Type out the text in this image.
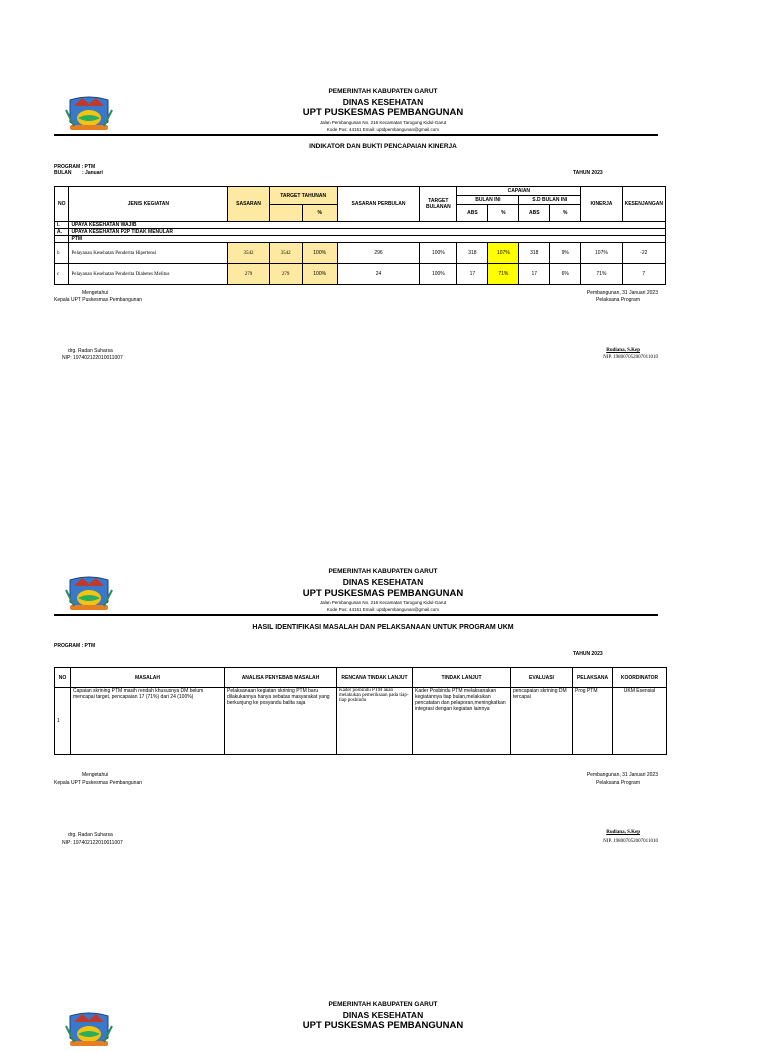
PEMERINTAH KABUPATEN GARUT
DINAS KESEHATAN
UPT PUSKESMAS PEMBANGUNAN
Jalan Pembangunan No. 216 Kecamatan Tarogong Kidul-Garut
Kode Pos: 44151 Email: uptdpembangunan@gmail.com
INDIKATOR DAN BUKTI PENCAPAIAN KINERJA
PROGRAM : PTM
BULAN : Januari	TAHUN 2023
NO	JENIS KEGIATAN	SASARAN	TARGET TAHUNAN		SASARAN PERBULAN	TARGET BULANAN	CAPAIAN				KINERJA	KESENJANGAN
							BULAN INI		S.D BULAN INI			
				%			ABS	%	ABS	%		
I.	UPAYA KESEHATAN WAJIB											
A.	UPAYA KESEHATAN P2P TIDAK MENULAR											
	PTM											
b	Pelayanan Kesehatan Penderita Hipertensi	3542	3542	100%	296	100%	318	107%	318	9%	107%	-22
c	Pelayanan Kesehatan Penderita Diabetes Melitus	279	279	100%	24	100%	17	71%	17	6%	71%	7
Mengetahui
Kepala UPT Puskesmas Pembangunan
Pembangunan, 31 Januari 2023
Pelaksana Program
drg. Radan Suharsa
NIP: 197402122010011007
Rudiana, S.Kep
NIP. 198007052007011010
PEMERINTAH KABUPATEN GARUT
DINAS KESEHATAN
UPT PUSKESMAS PEMBANGUNAN
Jalan Pembangunan No. 216 Kecamatan Tarogong Kidul-Garut
Kode Pos: 44151 Email: uptdpembangunan@gmail.com
HASIL IDENTIFIKASI MASALAH DAN PELAKSANAAN UNTUK PROGRAM UKM
PROGRAM : PTM
TAHUN 2023
NO	MASALAH	ANALISA PENYEBAB MASALAH	RENCANA TINDAK LANJUT	TINDAK LANJUT	EVALUASI	PELAKSANA	KOORDINATOR
1	Capaian skrining PTM masih rendah khususnya DM belum mencapai target, pencapaian 17 (71%) dari 24 (100%)	Pelaksanaan kegiatan skrining PTM baru dilakukannya hanya sebatas masyarakat yang berkunjung ke posyandu balita saja	Kader posbindu PTM akan melakukan pemeriksaan pada tiap-tiap posbindu	Kader Posbindu PTM melaksanakan kegiatannya tiap bulan,melakukan pencatatan dan pelaporan,meningkatkan integrasi dengan kegiatan lainnya	pencapaian skrining DM tercapai	Prog PTM	UKM Esensial
Mengetahui
Kepala UPT Puskesmas Pembangunan
Pembangunan, 31 Januari 2023
Pelaksana Program
drg. Radan Suharsa
NIP: 197402122010011007
Rudiana, S.Kep
NIP. 198007052007011010
PEMERINTAH KABUPATEN GARUT
DINAS KESEHATAN
UPT PUSKESMAS PEMBANGUNAN
